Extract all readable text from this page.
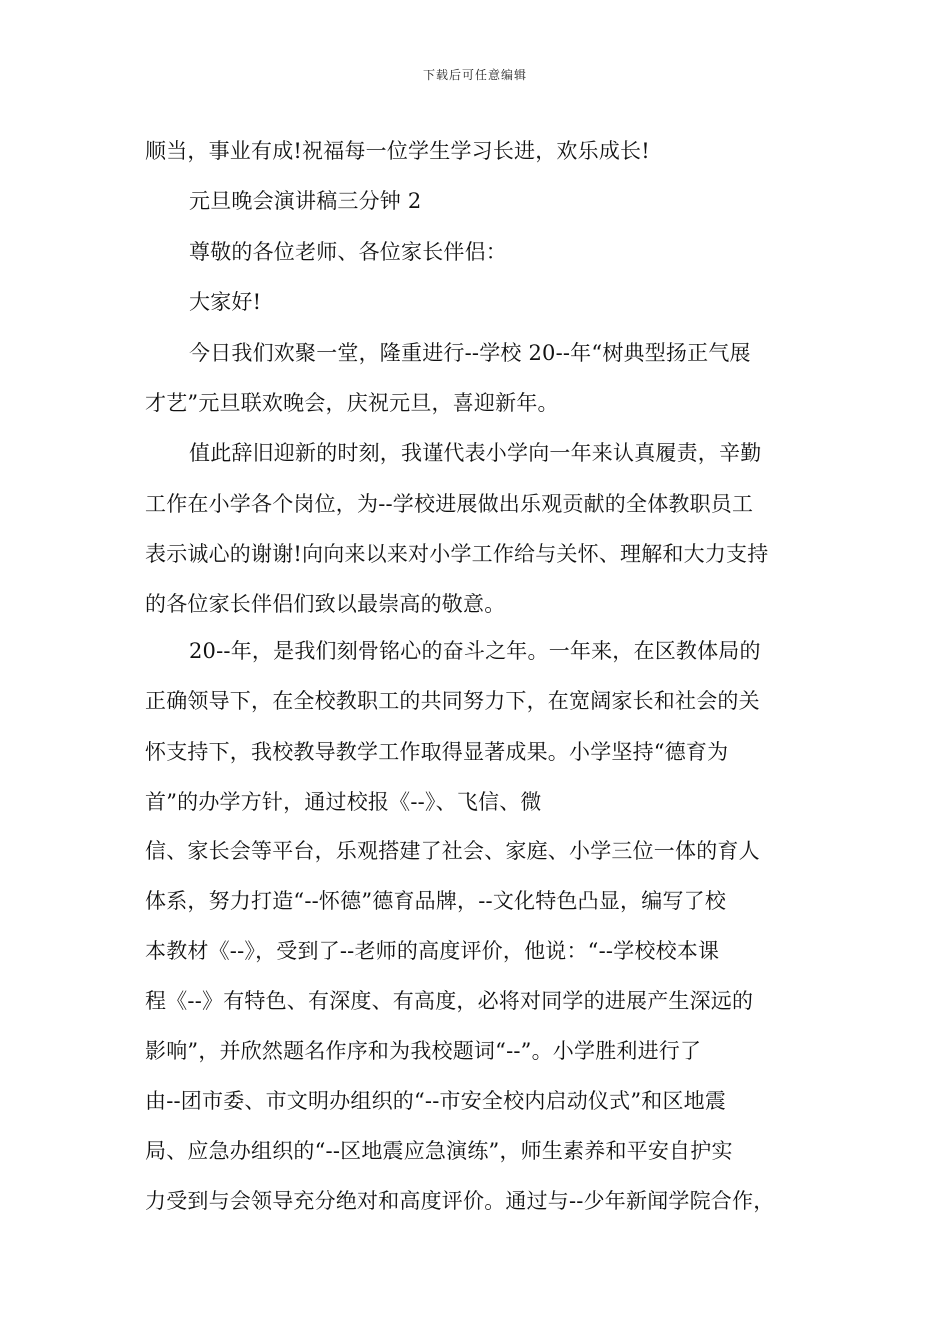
下载后可任意编辑
顺当，事业有成!祝福每一位学生学习长进，欢乐成长!
元旦晚会演讲稿三分钟 2
尊敬的各位老师、各位家长伴侣：
大家好!
今日我们欢聚一堂，隆重进行--学校 20--年“树典型扬正气展
才艺”元旦联欢晚会，庆祝元旦，喜迎新年。
值此辞旧迎新的时刻，我谨代表小学向一年来认真履责，辛勤
工作在小学各个岗位，为--学校进展做出乐观贡献的全体教职员工
表示诚心的谢谢!向向来以来对小学工作给与关怀、理解和大力支持
的各位家长伴侣们致以最崇高的敬意。
20--年，是我们刻骨铭心的奋斗之年。一年来，在区教体局的
正确领导下，在全校教职工的共同努力下，在宽阔家长和社会的关
怀支持下，我校教导教学工作取得显著成果。小学坚持“德育为
首”的办学方针，通过校报《--》、飞信、微
信、家长会等平台，乐观搭建了社会、家庭、小学三位一体的育人
体系，努力打造“--怀德”德育品牌，--文化特色凸显，编写了校
本教材《--》，受到了--老师的高度评价，他说：“--学校校本课
程《--》有特色、有深度、有高度，必将对同学的进展产生深远的
影响”，并欣然题名作序和为我校题词“--”。小学胜利进行了
由--团市委、市文明办组织的“--市安全校内启动仪式”和区地震
局、应急办组织的“--区地震应急演练”，师生素养和平安自护实
力受到与会领导充分绝对和高度评价。通过与--少年新闻学院合作，
